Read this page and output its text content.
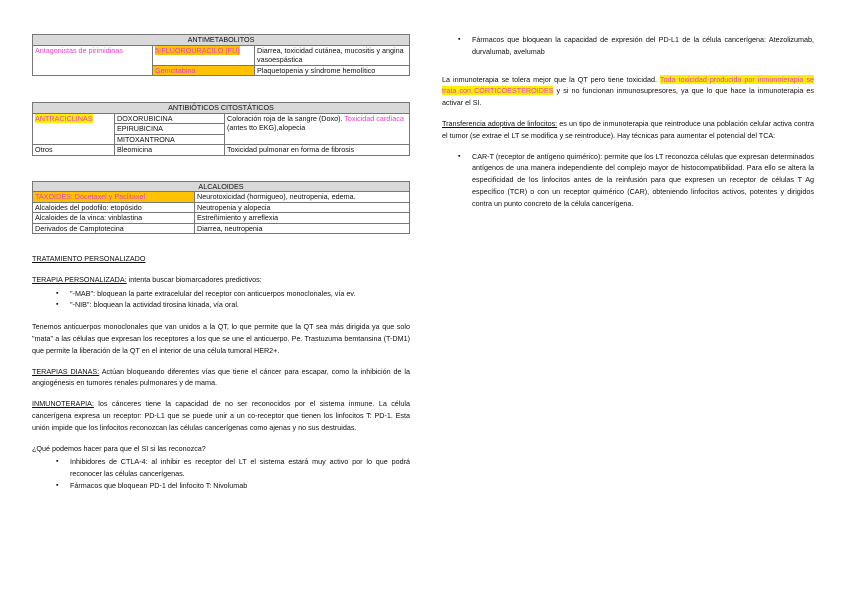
ANTIMETABOLITOS		
Antagonistas de pirimidinas	5-FLUOROURACILO (FU)	Diarrea, toxicidad cutánea, mucositis y angina vasoespástica
	Gemcitabina	Plaquetopenia y síndrome hemolítico
ANTIBIÓTICOS CITOSTÁTICOS		
ANTRACICLINAS	DOXORUBICINA	Coloración roja de la sangre (Doxo). Toxicidad cardíaca (antes tto EKG),alopecia
	EPIRUBICINA	
	MITOXANTRONA	
Otros	Bleomicina	Toxicidad pulmonar en forma de fibrosis
ALCALOIDES	
TAXOIDES: Docetaxel y Paclitaxel	Neurotoxicidad (hormigueo), neutropenia, edema.
Alcaloides del podofilo: etopósido	Neutropenia y alopecia
Alcaloides de la vinca: vinblastina	Estreñimiento y arreflexia
Derivados de Camptotecina	Diarrea, neutropenia

TRATAMIENTO PERSONALIZADO

TERAPIA PERSONALIZADA: intenta buscar biomarcadores predictivos:

▪ "-MAB": bloquean la parte extracelular del receptor con anticuerpos monoclonales, vía ev.
▪ "-NIB": bloquean la actividad tirosina kinada, vía oral.

Tenemos anticuerpos monoclonales que van unidos a la QT, lo que permite que la QT sea más dirigida ya que solo "mata" a las células que expresan los receptores a los que se une el anticuerpo. Pe. Trastuzuma bemtansina (T-DM1) que permite la liberación de la QT en el interior de una célula tumoral HER2+.

TERAPIAS DIANAS: Actúan bloqueando diferentes vías que tiene el cáncer para escapar, como la inhibición de la angiogénesis en tumores renales pulmonares y de mama.

INMUNOTERAPIA: los cánceres tiene la capacidad de no ser reconocidos por el sistema inmune. La célula cancerígena expresa un receptor: PD-L1 que se puede unir a un co-receptor que tienen los linfocitos T: PD-1. Esta unión impide que los linfocitos reconozcan las células cancerígenas como ajenas y no sus destruidas.

¿Qué podemos hacer para que el SI si las reconozca?

▪ Inhibidores de CTLA-4: al inhibir es receptor del LT el sistema estará muy activo por lo que podrá reconocer las células cancerígenas.
▪ Fármacos que bloquean PD-1 del linfocito T: Nivolumab
▪ Fármacos que bloquean la capacidad de expresión del PD-L1 de la célula cancerígena: Atezolizumab, durvalumab, avelumab

La inmunoterapia se tolera mejor que la QT pero tiene toxicidad. Toda toxicidad producida por inmunoterapia se trata con CORTICOESTEROIDES y si no funcionan inmunosupresores, ya que lo que hace la inmunoterapia es activar el SI.

Transferencia adoptiva de linfocitos: es un tipo de inmunoterapia que reintroduce una población celular activa contra el tumor (se extrae el LT se modifica y se reintroduce). Hay técnicas para aumentar el potencial del TCA:

▪ CAR-T (receptor de antígeno quimérico): permite que los LT reconozca células que expresan determinados antígenos de una manera independiente del complejo mayor de histocompatibilidad. Para ello se altera la especificidad de los linfocitos antes de la reinfusión para que expresen un receptor de células T Ag específico (TCR) o con un receptor quimérico (CAR), obteniendo linfocitos activos, potentes y dirigidos contra un punto concreto de la célula cancerígena.
